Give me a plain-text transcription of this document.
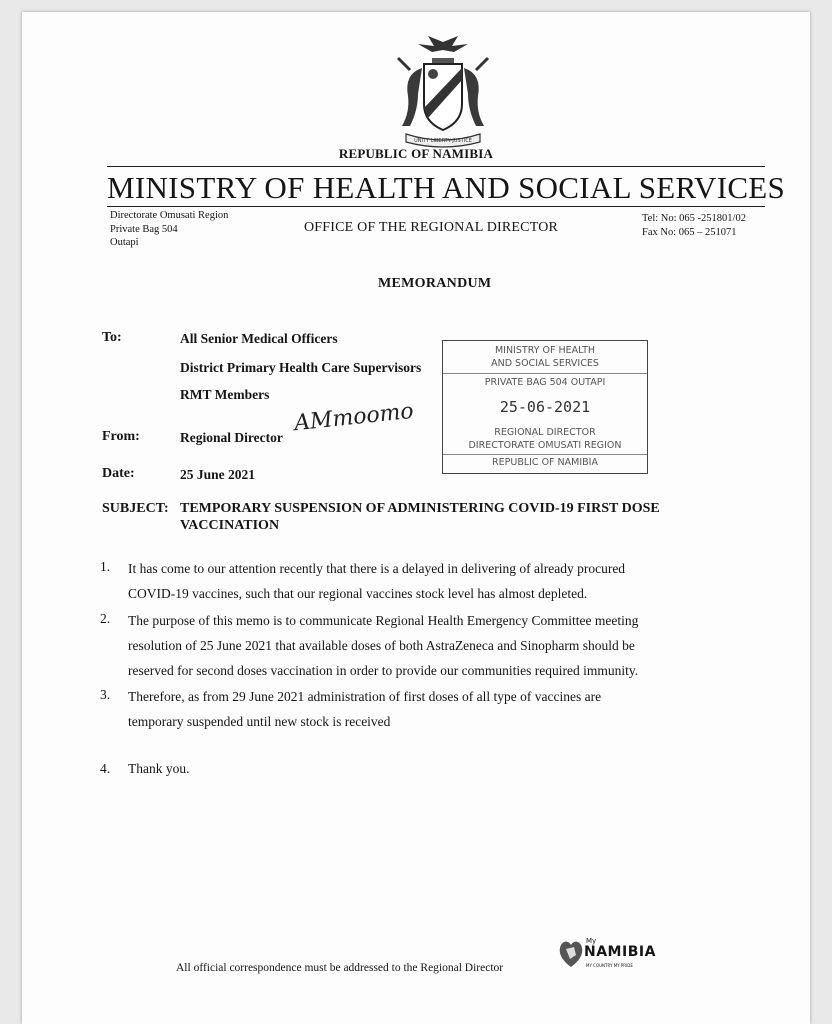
UNITY LIBERTY JUSTICE
REPUBLIC OF NAMIBIA
MINISTRY OF HEALTH AND SOCIAL SERVICES
Directorate Omusati Region
Private Bag 504
Outapi
OFFICE OF THE REGIONAL DIRECTOR
Tel: No: 065 -251801/02
Fax No: 065 – 251071
MEMORANDUM
To:	All Senior Medical Officers
District Primary Health Care Supervisors
RMT Members
From:	Regional Director
AMmoomo
Date:	25 June 2021
MINISTRY OF HEALTH
AND SOCIAL SERVICES
PRIVATE BAG 504 OUTAPI
25-06-2021
REGIONAL DIRECTOR
DIRECTORATE OMUSATI REGION
REPUBLIC OF NAMIBIA
SUBJECT: TEMPORARY SUSPENSION OF ADMINISTERING COVID-19 FIRST DOSE
VACCINATION
1. It has come to our attention recently that there is a delayed in delivering of already procured
COVID-19 vaccines, such that our regional vaccines stock level has almost depleted.
2. The purpose of this memo is to communicate Regional Health Emergency Committee meeting
resolution of 25 June 2021 that available doses of both AstraZeneca and Sinopharm should be
reserved for second doses vaccination in order to provide our communities required immunity.
3. Therefore, as from 29 June 2021 administration of first doses of all type of vaccines are
temporary suspended until new stock is received
4. Thank you.
All official correspondence must be addressed to the Regional Director
My
NAMIBIA
MY COUNTRY MY PRIDE
